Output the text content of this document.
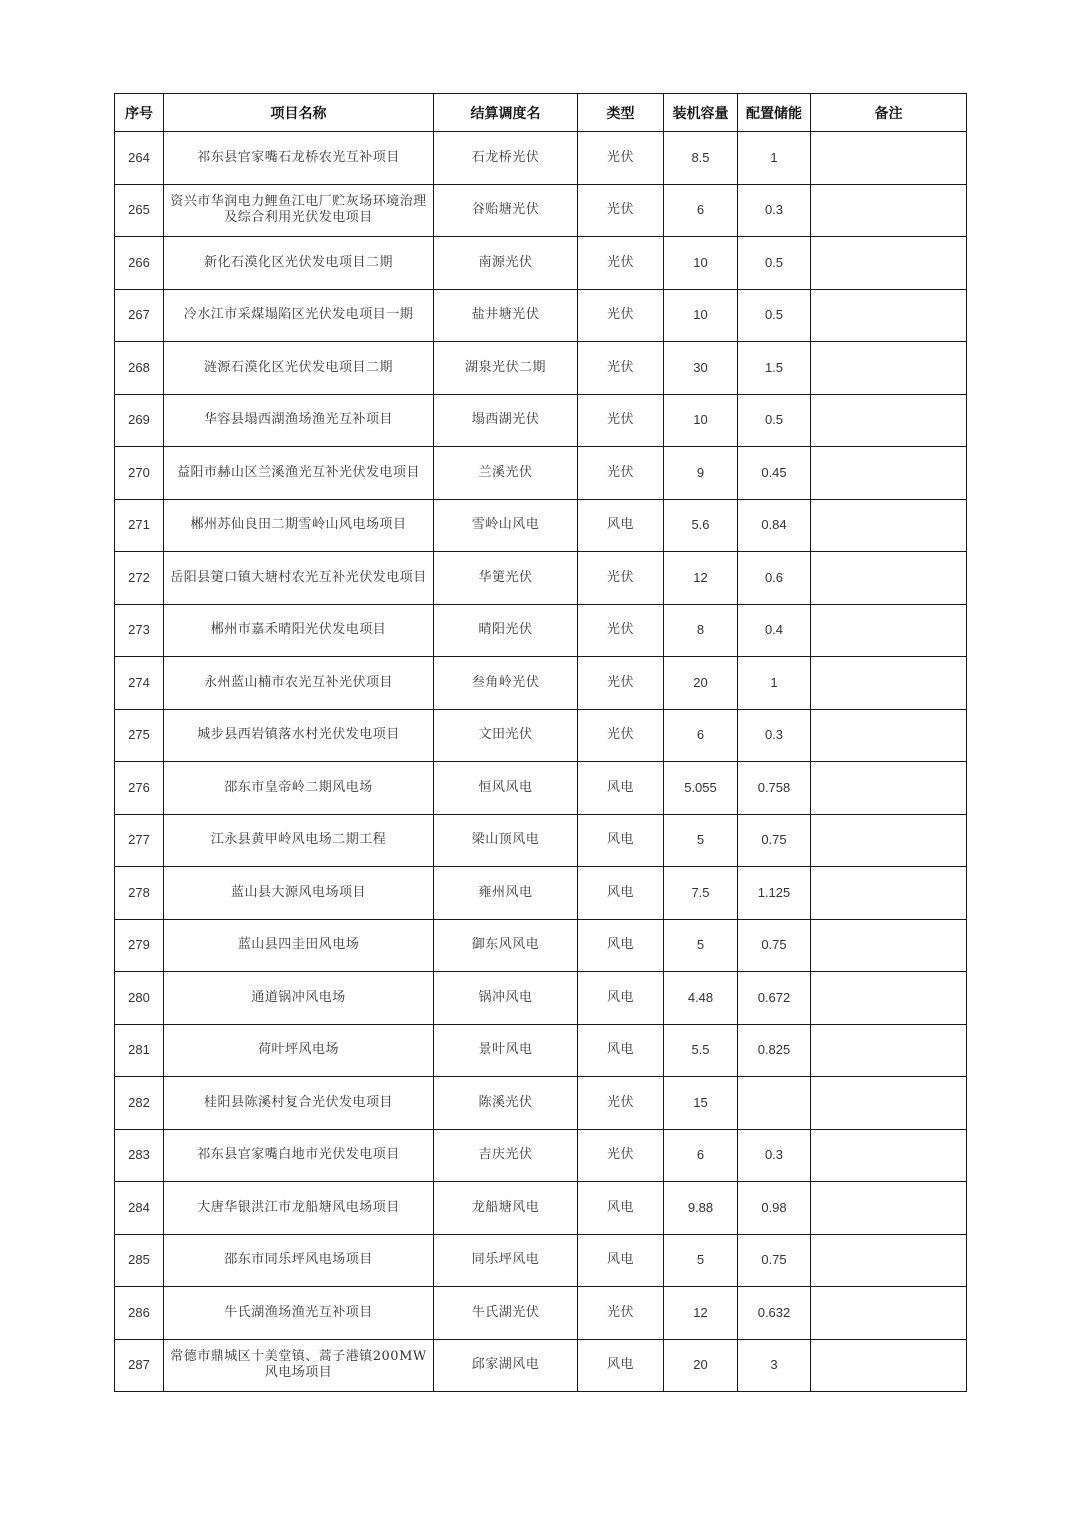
序号	项目名称	结算调度名	类型	装机容量	配置储能	备注
264	祁东县官家嘴石龙桥农光互补项目	石龙桥光伏	光伏	8.5	1	
265	资兴市华润电力鲤鱼江电厂贮灰场环境治理及综合利用光伏发电项目	谷贻塘光伏	光伏	6	0.3	
266	新化石漠化区光伏发电项目二期	南源光伏	光伏	10	0.5	
267	冷水江市采煤塌陷区光伏发电项目一期	盐井塘光伏	光伏	10	0.5	
268	涟源石漠化区光伏发电项目二期	湖泉光伏二期	光伏	30	1.5	
269	华容县塌西湖渔场渔光互补项目	塌西湖光伏	光伏	10	0.5	
270	益阳市赫山区兰溪渔光互补光伏发电项目	兰溪光伏	光伏	9	0.45	
271	郴州苏仙良田二期雪岭山风电场项目	雪岭山风电	风电	5.6	0.84	
272	岳阳县筻口镇大塘村农光互补光伏发电项目	华筻光伏	光伏	12	0.6	
273	郴州市嘉禾晴阳光伏发电项目	晴阳光伏	光伏	8	0.4	
274	永州蓝山楠市农光互补光伏项目	叁角岭光伏	光伏	20	1	
275	城步县西岩镇落水村光伏发电项目	文田光伏	光伏	6	0.3	
276	邵东市皇帝岭二期风电场	恒风风电	风电	5.055	0.758	
277	江永县黄甲岭风电场二期工程	梁山顶风电	风电	5	0.75	
278	蓝山县大源风电场项目	雍州风电	风电	7.5	1.125	
279	蓝山县四圭田风电场	御东风风电	风电	5	0.75	
280	通道锅冲风电场	锅冲风电	风电	4.48	0.672	
281	荷叶坪风电场	景叶风电	风电	5.5	0.825	
282	桂阳县陈溪村复合光伏发电项目	陈溪光伏	光伏	15		
283	祁东县官家嘴白地市光伏发电项目	吉庆光伏	光伏	6	0.3	
284	大唐华银洪江市龙船塘风电场项目	龙船塘风电	风电	9.88	0.98	
285	邵东市同乐坪风电场项目	同乐坪风电	风电	5	0.75	
286	牛氏湖渔场渔光互补项目	牛氏湖光伏	光伏	12	0.632	
287	常德市鼎城区十美堂镇、蒿子港镇200MW风电场项目	邱家湖风电	风电	20	3	
